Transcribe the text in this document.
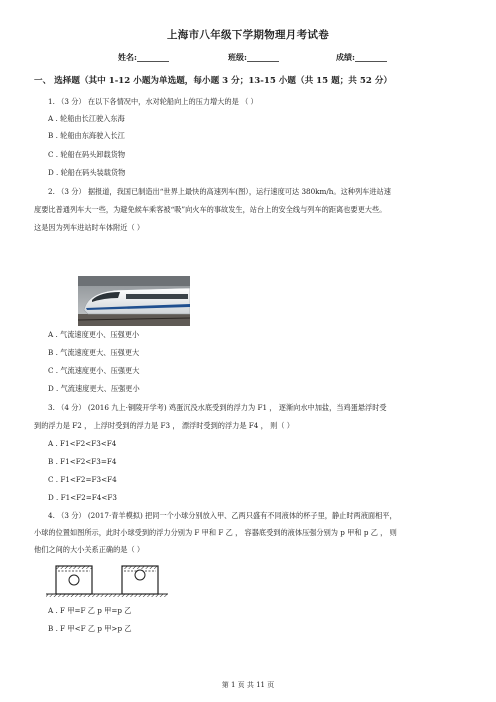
上海市八年级下学期物理月考试卷
姓名:________	班级:________	成绩:________
一、 选择题（其中 1-12 小题为单选题，每小题 3 分；13-15 小题（共 15 题；共 52 分）
1. （3 分） 在以下各情况中，水对轮船向上的压力增大的是 （ ）
A . 轮船由长江驶入东海
B . 轮船由东海驶入长江
C . 轮船在码头卸载货物
D . 轮船在码头装载货物
2. （3 分） 据报道，我国已制造出“世界上最快的高速列车(图），运行速度可达 380km/h。这种列车进站速
度要比普通列车大一些，为避免候车乘客被“吸”向火车的事故发生，站台上的安全线与列车的距离也要更大些。
这是因为列车进站时车体附近（ ）
A . 气流速度更小、压强更小
B . 气流速度更大、压强更大
C . 气流速度更小、压强更大
D . 气流速度更大、压强更小
3. （4 分） (2016 九上·铜陵开学考) 鸡蛋沉没水底受到的浮力为 F1 ， 逐渐向水中加盐，当鸡蛋悬浮时受
到的浮力是 F2 ， 上浮时受到的浮力是 F3 ， 漂浮时受到的浮力是 F4 ， 则（ ）
A . F1<F2<F3<F4
B . F1<F2<F3=F4
C . F1<F2=F3<F4
D . F1<F2=F4<F3
4. （3 分） (2017·青羊模拟) 把同一个小球分别放入甲、乙两只盛有不同液体的杯子里，静止时两液面相平，
小球的位置如图所示，此时小球受到的浮力分别为 F 甲和 F 乙 ， 容器底受到的液体压强分别为 p 甲和 p 乙 ， 则
他们之间的大小关系正确的是（ ）
A . F 甲=F 乙 p 甲=p 乙
B . F 甲<F 乙 p 甲>p 乙
第 1 页 共 11 页
